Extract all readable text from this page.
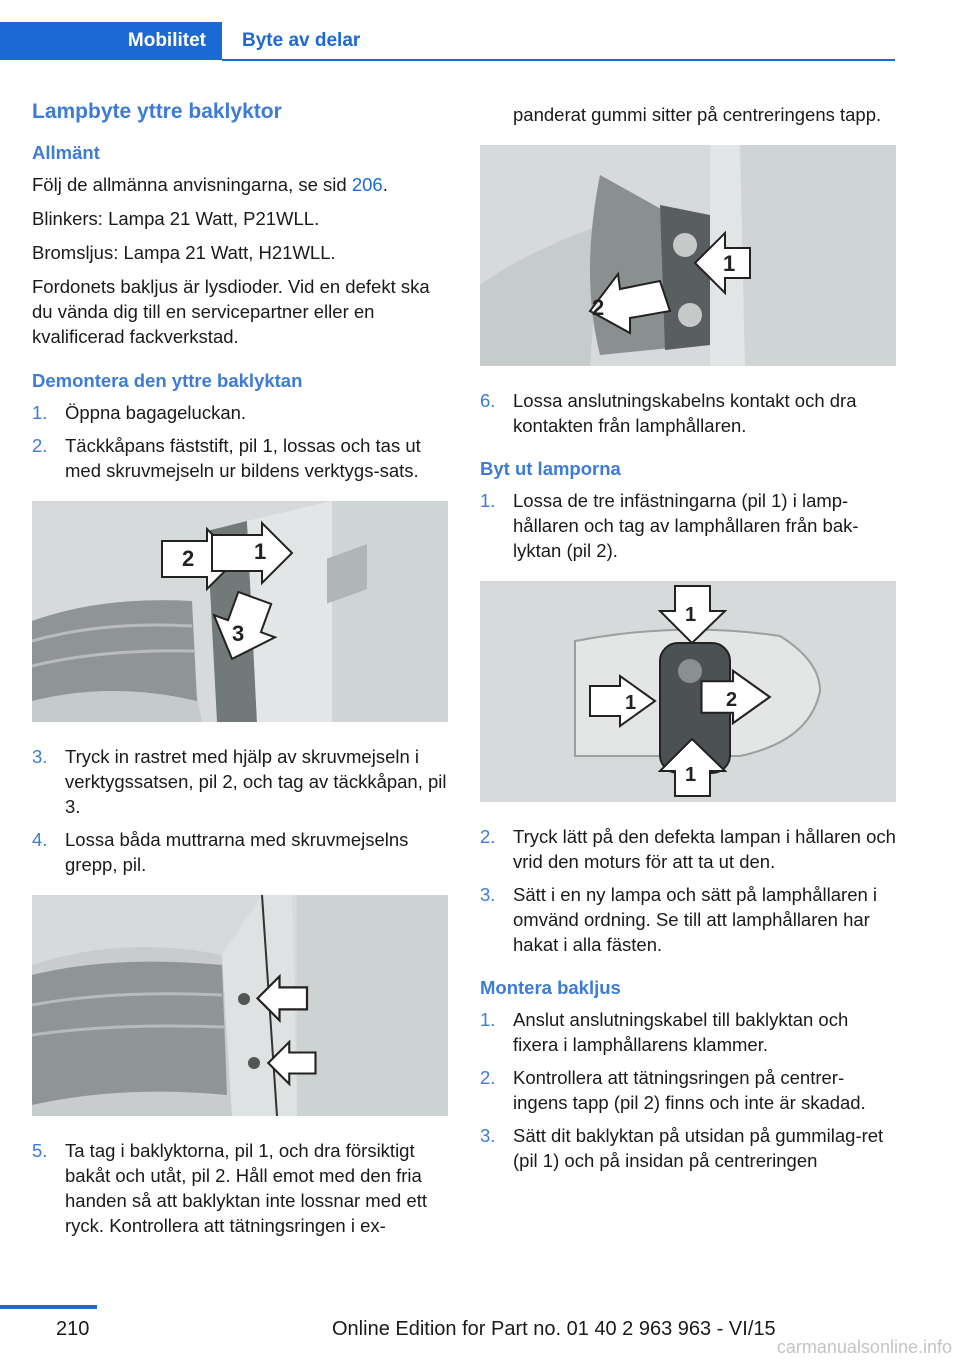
Mobilitet	Byte av delar
Lampbyte yttre baklyktor
Allmänt

Följ de allmänna anvisningarna, se sid 206.

Blinkers: Lampa 21 Watt, P21WLL.

Bromsljus: Lampa 21 Watt, H21WLL.

Fordonets bakljus är lysdioder. Vid en defekt ska du vända dig till en servicepartner eller en kvalificerad fackverkstad.

Demontera den yttre baklyktan
1. Öppna bagageluckan.
2. Täckkåpans fäststift, pil 1, lossas och tas ut med skruvmejseln ur bildens verktygs‐sats.
2	1
3
3. Tryck in rastret med hjälp av skruvmejseln i verktygssatsen, pil 2, och tag av täckkåpan, pil 3.
4. Lossa båda muttrarna med skruvmejselns grepp, pil.
5. Ta tag i baklyktorna, pil 1, och dra försiktigt bakåt och utåt, pil 2. Håll emot med den fria handen så att baklyktan inte lossnar med ett ryck. Kontrollera att tätningsringen i ex‐

panderat gummi sitter på centreringens tapp.

1
2
6. Lossa anslutningskabelns kontakt och dra kontakten från lamphållaren.
Byt ut lamporna
1. Lossa de tre infästningarna (pil 1) i lamp‐hållaren och tag av lamphållaren från bak‐lyktan (pil 2).
1
1	2
1
2. Tryck lätt på den defekta lampan i hållaren och vrid den moturs för att ta ut den.
3. Sätt i en ny lampa och sätt på lamphållaren i omvänd ordning. Se till att lamphållaren har hakat i alla fästen.
Montera bakljus
1. Anslut anslutningskabel till baklyktan och fixera i lamphållarens klammer.
2. Kontrollera att tätningsringen på centrer‐ingens tapp (pil 2) finns och inte är skadad.
3. Sätt dit baklyktan på utsidan på gummilag‐ret (pil 1) och på insidan på centreringen
210	Online Edition for Part no. 01 40 2 963 963 - VI/15
carmanualsonline.info
